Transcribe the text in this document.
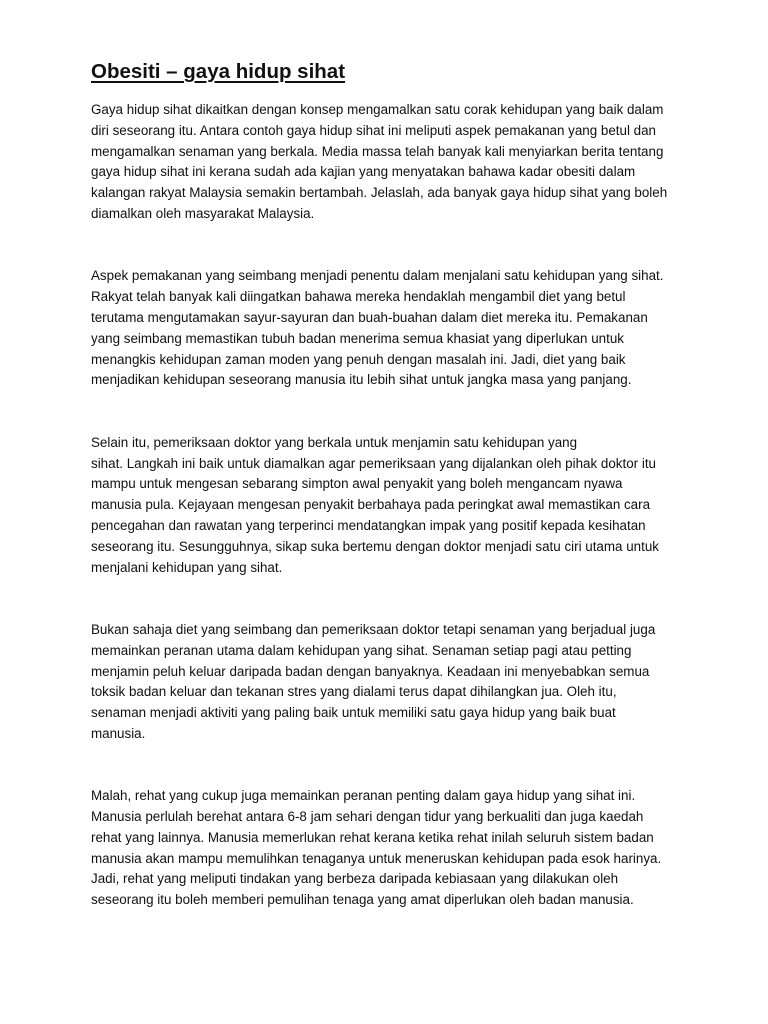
Obesiti – gaya hidup sihat

Gaya hidup sihat dikaitkan dengan konsep mengamalkan satu corak kehidupan yang baik dalam
diri seseorang itu. Antara contoh gaya hidup sihat ini meliputi aspek pemakanan yang betul dan
mengamalkan senaman yang berkala. Media massa telah banyak kali menyiarkan berita tentang
gaya hidup sihat ini kerana sudah ada kajian yang menyatakan bahawa kadar obesiti dalam
kalangan rakyat Malaysia semakin bertambah. Jelaslah, ada banyak gaya hidup sihat yang boleh
diamalkan oleh masyarakat Malaysia.

Aspek pemakanan yang seimbang menjadi penentu dalam menjalani satu kehidupan yang sihat.
Rakyat telah banyak kali diingatkan bahawa mereka hendaklah mengambil diet yang betul
terutama mengutamakan sayur-sayuran dan buah-buahan dalam diet mereka itu. Pemakanan
yang seimbang memastikan tubuh badan menerima semua khasiat yang diperlukan untuk
menangkis kehidupan zaman moden yang penuh dengan masalah ini. Jadi, diet yang baik
menjadikan kehidupan seseorang manusia itu lebih sihat untuk jangka masa yang panjang.

Selain itu, pemeriksaan doktor yang berkala untuk menjamin satu kehidupan yang
sihat. Langkah ini baik untuk diamalkan agar pemeriksaan yang dijalankan oleh pihak doktor itu
mampu untuk mengesan sebarang simpton awal penyakit yang boleh mengancam nyawa
manusia pula. Kejayaan mengesan penyakit berbahaya pada peringkat awal memastikan cara
pencegahan dan rawatan yang terperinci mendatangkan impak yang positif kepada kesihatan
seseorang itu. Sesungguhnya, sikap suka bertemu dengan doktor menjadi satu ciri utama untuk
menjalani kehidupan yang sihat.

Bukan sahaja diet yang seimbang dan pemeriksaan doktor tetapi senaman yang berjadual juga
memainkan peranan utama dalam kehidupan yang sihat. Senaman setiap pagi atau petting
menjamin peluh keluar daripada badan dengan banyaknya. Keadaan ini menyebabkan semua
toksik badan keluar dan tekanan stres yang dialami terus dapat dihilangkan jua. Oleh itu,
senaman menjadi aktiviti yang paling baik untuk memiliki satu gaya hidup yang baik buat
manusia.

Malah, rehat yang cukup juga memainkan peranan penting dalam gaya hidup yang sihat ini.
Manusia perlulah berehat antara 6-8 jam sehari dengan tidur yang berkualiti dan juga kaedah
rehat yang lainnya. Manusia memerlukan rehat kerana ketika rehat inilah seluruh sistem badan
manusia akan mampu memulihkan tenaganya untuk meneruskan kehidupan pada esok harinya.
Jadi, rehat yang meliputi tindakan yang berbeza daripada kebiasaan yang dilakukan oleh
seseorang itu boleh memberi pemulihan tenaga yang amat diperlukan oleh badan manusia.
